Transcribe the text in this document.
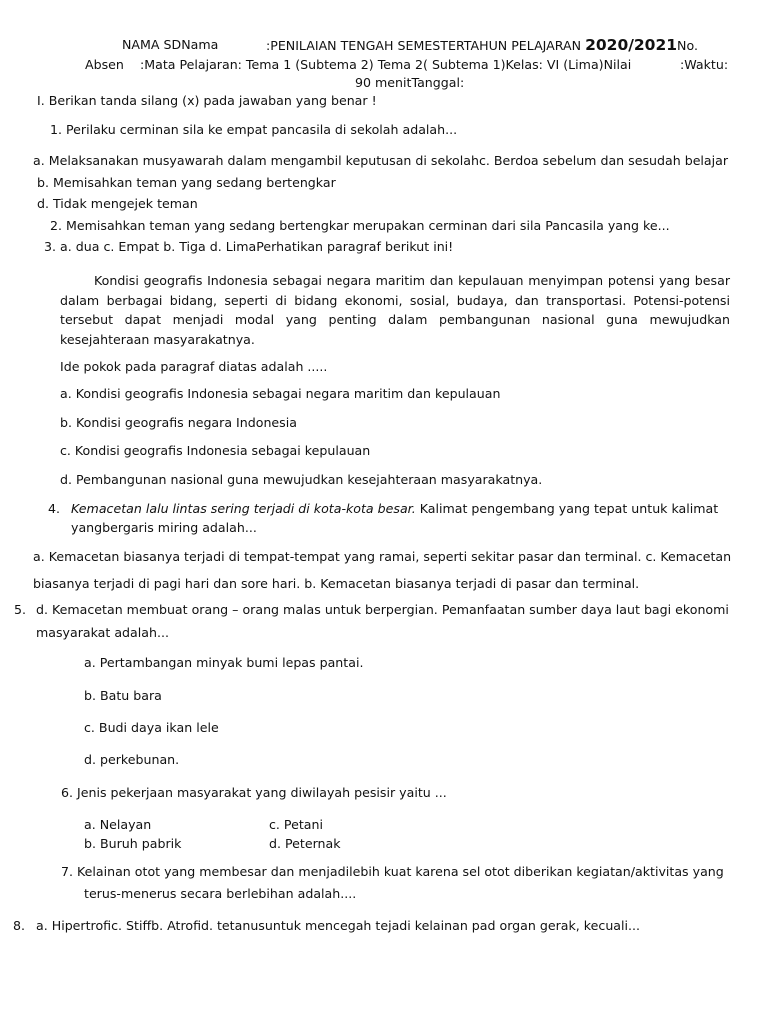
NAMA SDNama	:PENILAIAN TENGAH SEMESTERTAHUN PELAJARAN 2020/2021No.
Absen :Mata Pelajaran: Tema 1 (Subtema 2) Tema 2( Subtema 1)Kelas: VI (Lima)Nilai	:Waktu:
90 menitTanggal:
I. Berikan tanda silang (x) pada jawaban yang benar !
1. Perilaku cerminan sila ke empat pancasila di sekolah adalah...
a. Melaksanakan musyawarah dalam mengambil keputusan di sekolahc. Berdoa sebelum dan sesudah belajar
b. Memisahkan teman yang sedang bertengkar
d. Tidak mengejek teman
2. Memisahkan teman yang sedang bertengkar merupakan cerminan dari sila Pancasila yang ke...
3. a. dua c. Empat b. Tiga d. LimaPerhatikan paragraf berikut ini!
Kondisi geografis Indonesia sebagai negara maritim dan kepulauan menyimpan potensi yang besar dalam berbagai bidang, seperti di bidang ekonomi, sosial, budaya, dan transportasi. Potensi-potensi tersebut dapat menjadi modal yang penting dalam pembangunan nasional guna mewujudkan kesejahteraan masyarakatnya.
Ide pokok pada paragraf diatas adalah .....
a. Kondisi geografis Indonesia sebagai negara maritim dan kepulauan
b. Kondisi geografis negara Indonesia
c. Kondisi geografis Indonesia sebagai kepulauan
d. Pembangunan nasional guna mewujudkan kesejahteraan masyarakatnya.
4. Kemacetan lalu lintas sering terjadi di kota-kota besar. Kalimat pengembang yang tepat untuk kalimat
yangbergaris miring adalah...
a. Kemacetan biasanya terjadi di tempat-tempat yang ramai, seperti sekitar pasar dan terminal. c. Kemacetan
biasanya terjadi di pagi hari dan sore hari. b. Kemacetan biasanya terjadi di pasar dan terminal.
5. d. Kemacetan membuat orang – orang malas untuk berpergian. Pemanfaatan sumber daya laut bagi ekonomi
masyarakat adalah...
a. Pertambangan minyak bumi lepas pantai.
b. Batu bara
c. Budi daya ikan lele
d. perkebunan.
6. Jenis pekerjaan masyarakat yang diwilayah pesisir yaitu ...
a. Nelayan	c. Petani
b. Buruh pabrik	d. Peternak
7. Kelainan otot yang membesar dan menjadilebih kuat karena sel otot diberikan kegiatan/aktivitas yang
terus-menerus secara berlebihan adalah....
8. a. Hipertrofic. Stiffb. Atrofid. tetanusuntuk mencegah tejadi kelainan pad organ gerak, kecuali...
